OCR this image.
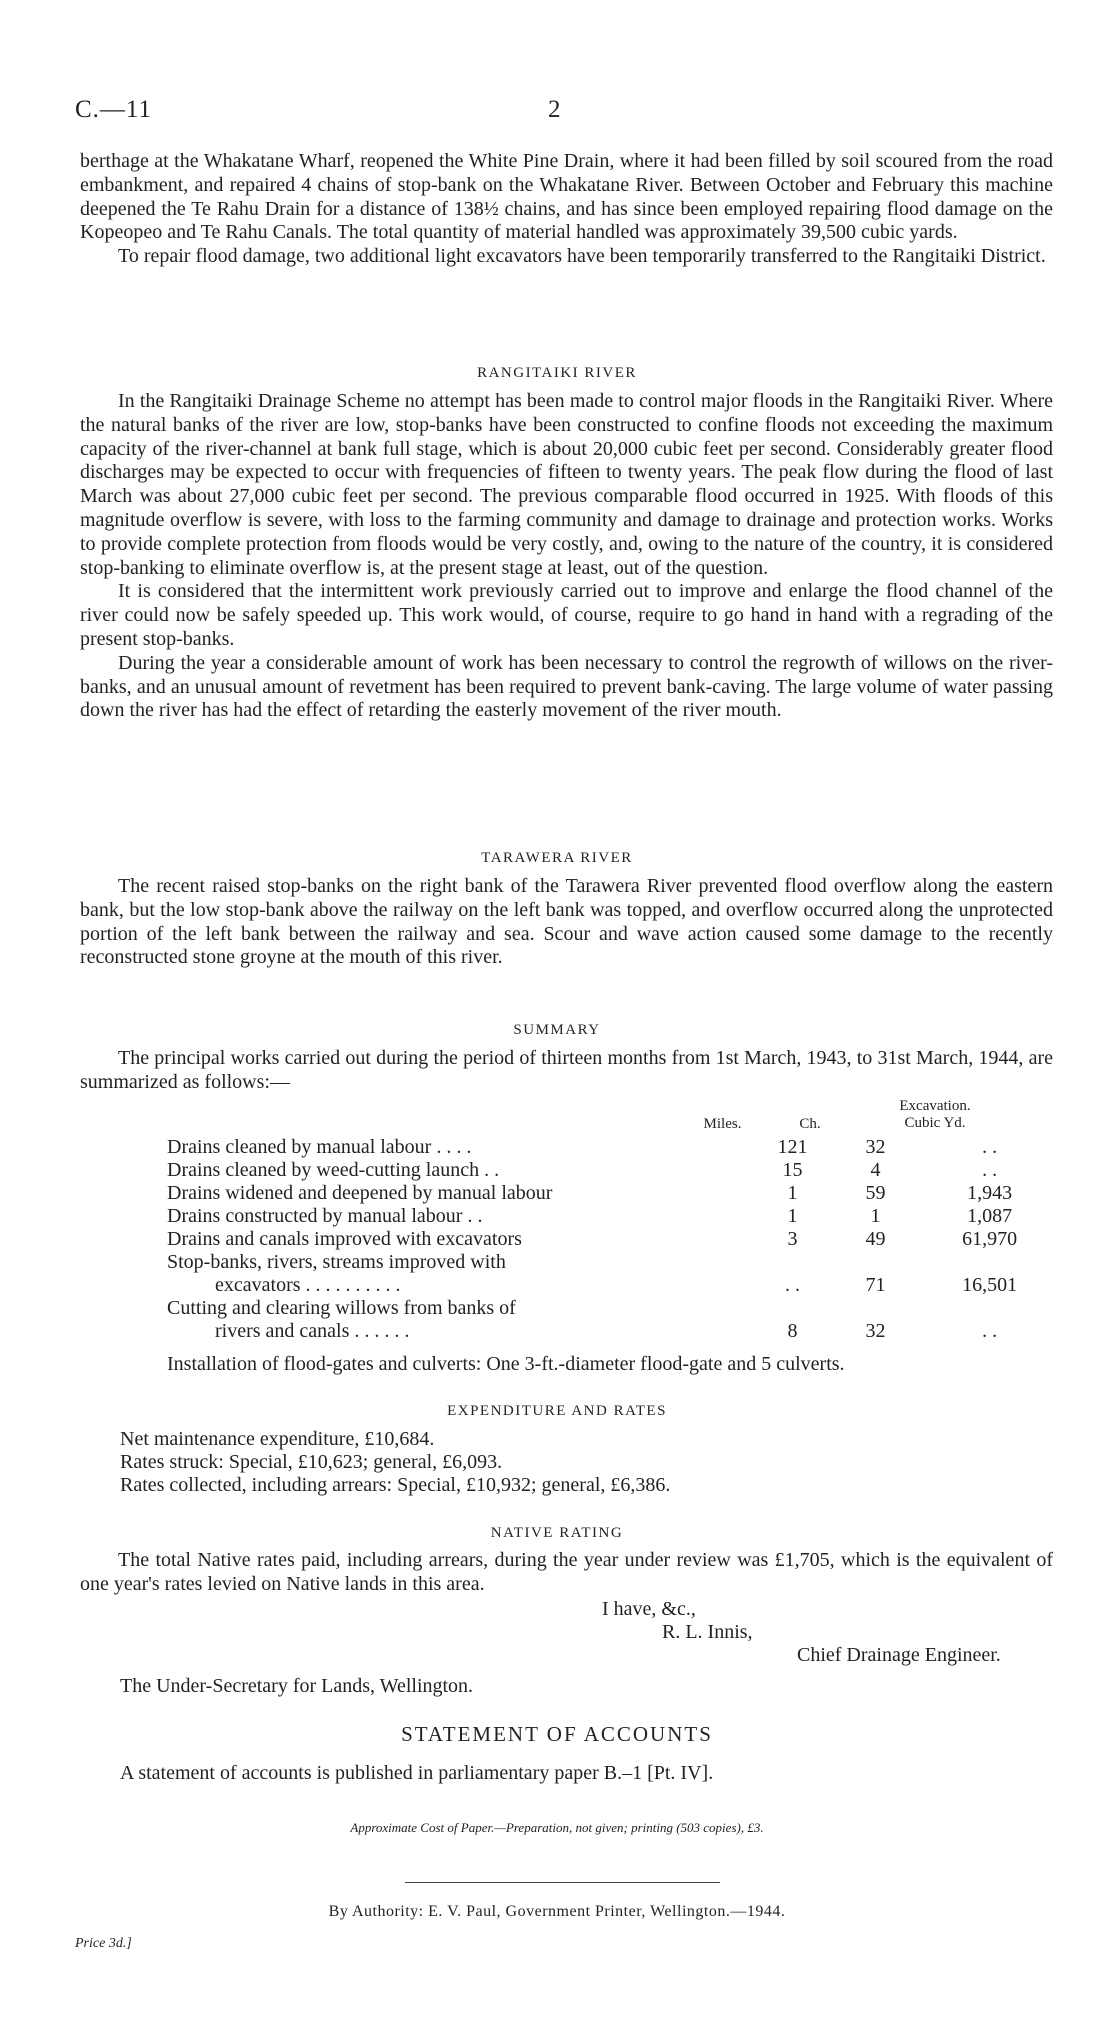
C.—11	2

berthage at the Whakatane Wharf, reopened the White Pine Drain, where it had been filled by soil scoured from the road embankment, and repaired 4 chains of stop-bank on the Whakatane River. Between October and February this machine deepened the Te Rahu Drain for a distance of 138½ chains, and has since been employed repairing flood damage on the Kopeopeo and Te Rahu Canals. The total quantity of material handled was approximately 39,500 cubic yards.

To repair flood damage, two additional light excavators have been temporarily transferred to the Rangitaiki District.

RANGITAIKI RIVER

In the Rangitaiki Drainage Scheme no attempt has been made to control major floods in the Rangitaiki River. Where the natural banks of the river are low, stop-banks have been constructed to confine floods not exceeding the maximum capacity of the river-channel at bank full stage, which is about 20,000 cubic feet per second. Considerably greater flood discharges may be expected to occur with frequencies of fifteen to twenty years. The peak flow during the flood of last March was about 27,000 cubic feet per second. The previous comparable flood occurred in 1925. With floods of this magnitude overflow is severe, with loss to the farming community and damage to drainage and protection works. Works to provide complete protection from floods would be very costly, and, owing to the nature of the country, it is considered stop-banking to eliminate overflow is, at the present stage at least, out of the question.

It is considered that the intermittent work previously carried out to improve and enlarge the flood channel of the river could now be safely speeded up. This work would, of course, require to go hand in hand with a regrading of the present stop-banks.

During the year a considerable amount of work has been necessary to control the regrowth of willows on the river-banks, and an unusual amount of revetment has been required to prevent bank-caving. The large volume of water passing down the river has had the effect of retarding the easterly movement of the river mouth.

TARAWERA RIVER

The recent raised stop-banks on the right bank of the Tarawera River prevented flood overflow along the eastern bank, but the low stop-bank above the railway on the left bank was topped, and overflow occurred along the unprotected portion of the left bank between the railway and sea. Scour and wave action caused some damage to the recently reconstructed stone groyne at the mouth of this river.

SUMMARY

The principal works carried out during the period of thirteen months from 1st March, 1943, to 31st March, 1944, are summarized as follows:—

Miles.	Ch.
Excavation.
Cubic Yd.
Drains cleaned by manual labour . . . .	121	32	. .
Drains cleaned by weed-cutting launch . .	15	4	. .
Drains widened and deepened by manual labour	1	59	1,943
Drains constructed by manual labour . .	1	1	1,087
Drains and canals improved with excavators	3	49	61,970
Stop-banks, rivers, streams improved with			
excavators . . . . . . . . . .	. .	71	16,501
Cutting and clearing willows from banks of			
rivers and canals . . . . . .	8	32	. .
Installation of flood-gates and culverts: One 3-ft.-diameter flood-gate and 5 culverts.
EXPENDITURE AND RATES
Net maintenance expenditure, £10,684.
Rates struck: Special, £10,623; general, £6,093.
Rates collected, including arrears: Special, £10,932; general, £6,386.
NATIVE RATING

The total Native rates paid, including arrears, during the year under review was £1,705, which is the equivalent of one year's rates levied on Native lands in this area.

I have, &c.,
R. L. Innis,
Chief Drainage Engineer.
The Under-Secretary for Lands, Wellington.
STATEMENT OF ACCOUNTS
A statement of accounts is published in parliamentary paper B.–1 [Pt. IV].
Approximate Cost of Paper.—Preparation, not given; printing (503 copies), £3.
By Authority: E. V. Paul, Government Printer, Wellington.—1944.
Price 3d.]
